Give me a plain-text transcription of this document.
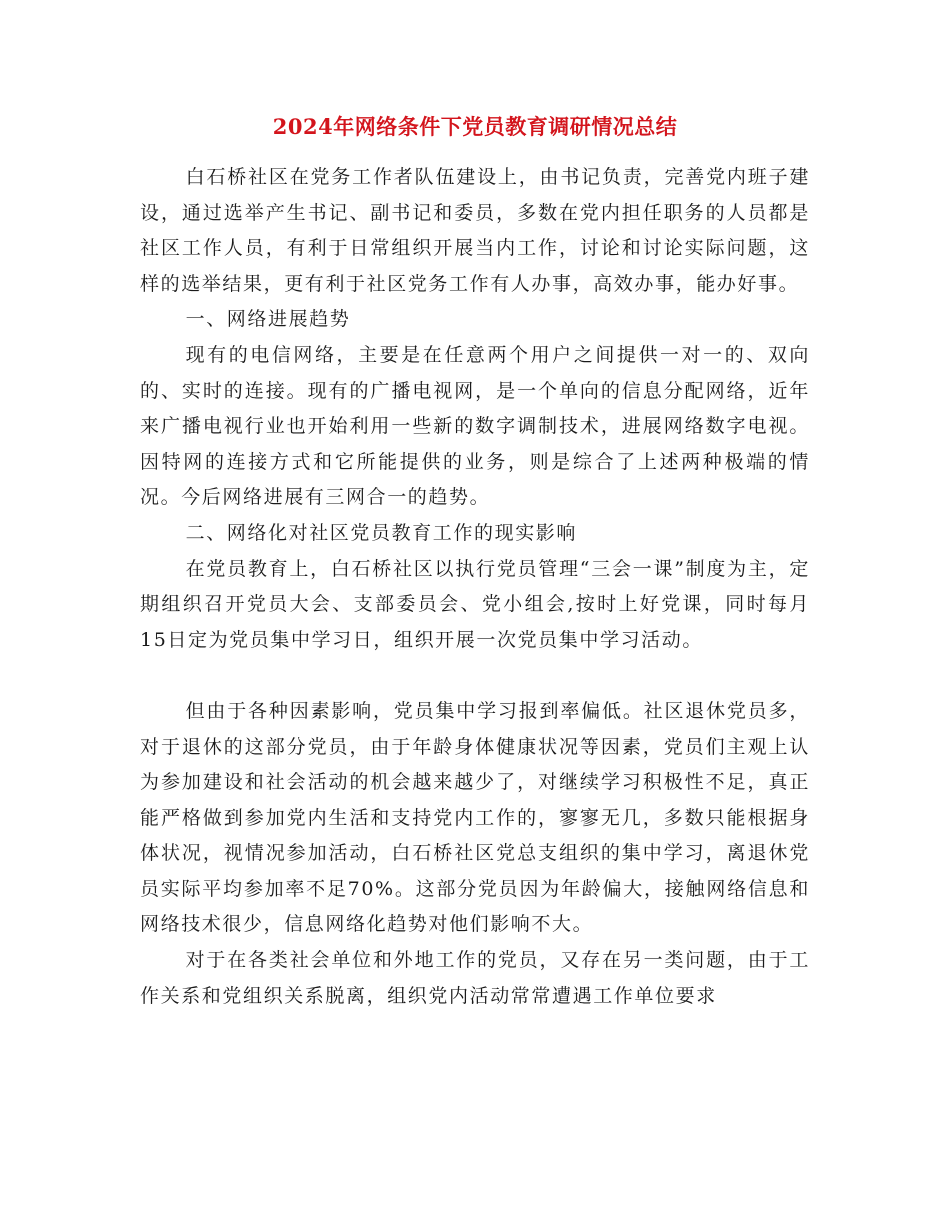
2024年网络条件下党员教育调研情况总结

白石桥社区在党务工作者队伍建设上，由书记负责，完善党内班子建设，通过选举产生书记、副书记和委员，多数在党内担任职务的人员都是社区工作人员，有利于日常组织开展当内工作，讨论和讨论实际问题，这样的选举结果，更有利于社区党务工作有人办事，高效办事，能办好事。

一、网络进展趋势

现有的电信网络，主要是在任意两个用户之间提供一对一的、双向的、实时的连接。现有的广播电视网，是一个单向的信息分配网络，近年来广播电视行业也开始利用一些新的数字调制技术，进展网络数字电视。因特网的连接方式和它所能提供的业务，则是综合了上述两种极端的情况。今后网络进展有三网合一的趋势。

二、网络化对社区党员教育工作的现实影响

在党员教育上，白石桥社区以执行党员管理“三会一课”制度为主，定期组织召开党员大会、支部委员会、党小组会,按时上好党课，同时每月15日定为党员集中学习日，组织开展一次党员集中学习活动。

但由于各种因素影响，党员集中学习报到率偏低。社区退休党员多，对于退休的这部分党员，由于年龄身体健康状况等因素，党员们主观上认为参加建设和社会活动的机会越来越少了，对继续学习积极性不足，真正能严格做到参加党内生活和支持党内工作的，寥寥无几，多数只能根据身体状况，视情况参加活动，白石桥社区党总支组织的集中学习，离退休党员实际平均参加率不足70%。这部分党员因为年龄偏大，接触网络信息和网络技术很少，信息网络化趋势对他们影响不大。

对于在各类社会单位和外地工作的党员，又存在另一类问题，由于工作关系和党组织关系脱离，组织党内活动常常遭遇工作单位要求
